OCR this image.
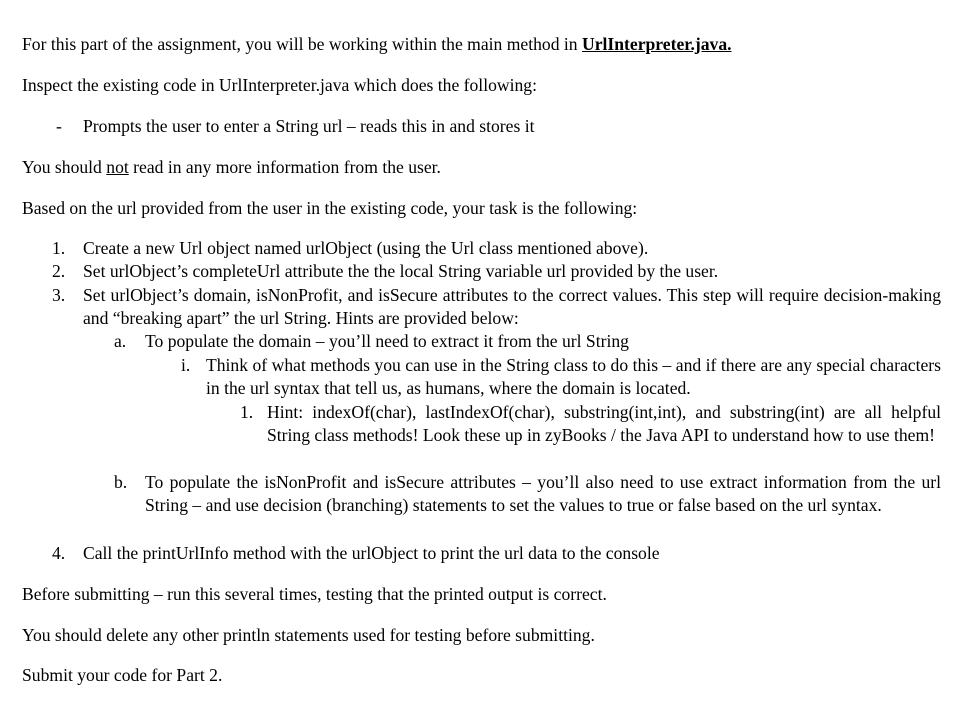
For this part of the assignment, you will be working within the main method in UrlInterpreter.java.
Inspect the existing code in UrlInterpreter.java which does the following:
- Prompts the user to enter a String url – reads this in and stores it
You should not read in any more information from the user.
Based on the url provided from the user in the existing code, your task is the following:
1. Create a new Url object named urlObject (using the Url class mentioned above).
2. Set urlObject’s completeUrl attribute the the local String variable url provided by the user.
3. Set urlObject’s domain, isNonProfit, and isSecure attributes to the correct values. This step will require decision-making and “breaking apart” the url String. Hints are provided below:
a. To populate the domain – you’ll need to extract it from the url String
i. Think of what methods you can use in the String class to do this – and if there are any special characters in the url syntax that tell us, as humans, where the domain is located.
1. Hint: indexOf(char), lastIndexOf(char), substring(int,int), and substring(int) are all helpful String class methods! Look these up in zyBooks / the Java API to understand how to use them!
b. To populate the isNonProfit and isSecure attributes – you’ll also need to use extract information from the url String – and use decision (branching) statements to set the values to true or false based on the url syntax.
4. Call the printUrlInfo method with the urlObject to print the url data to the console
Before submitting – run this several times, testing that the printed output is correct.
You should delete any other println statements used for testing before submitting.
Submit your code for Part 2.
